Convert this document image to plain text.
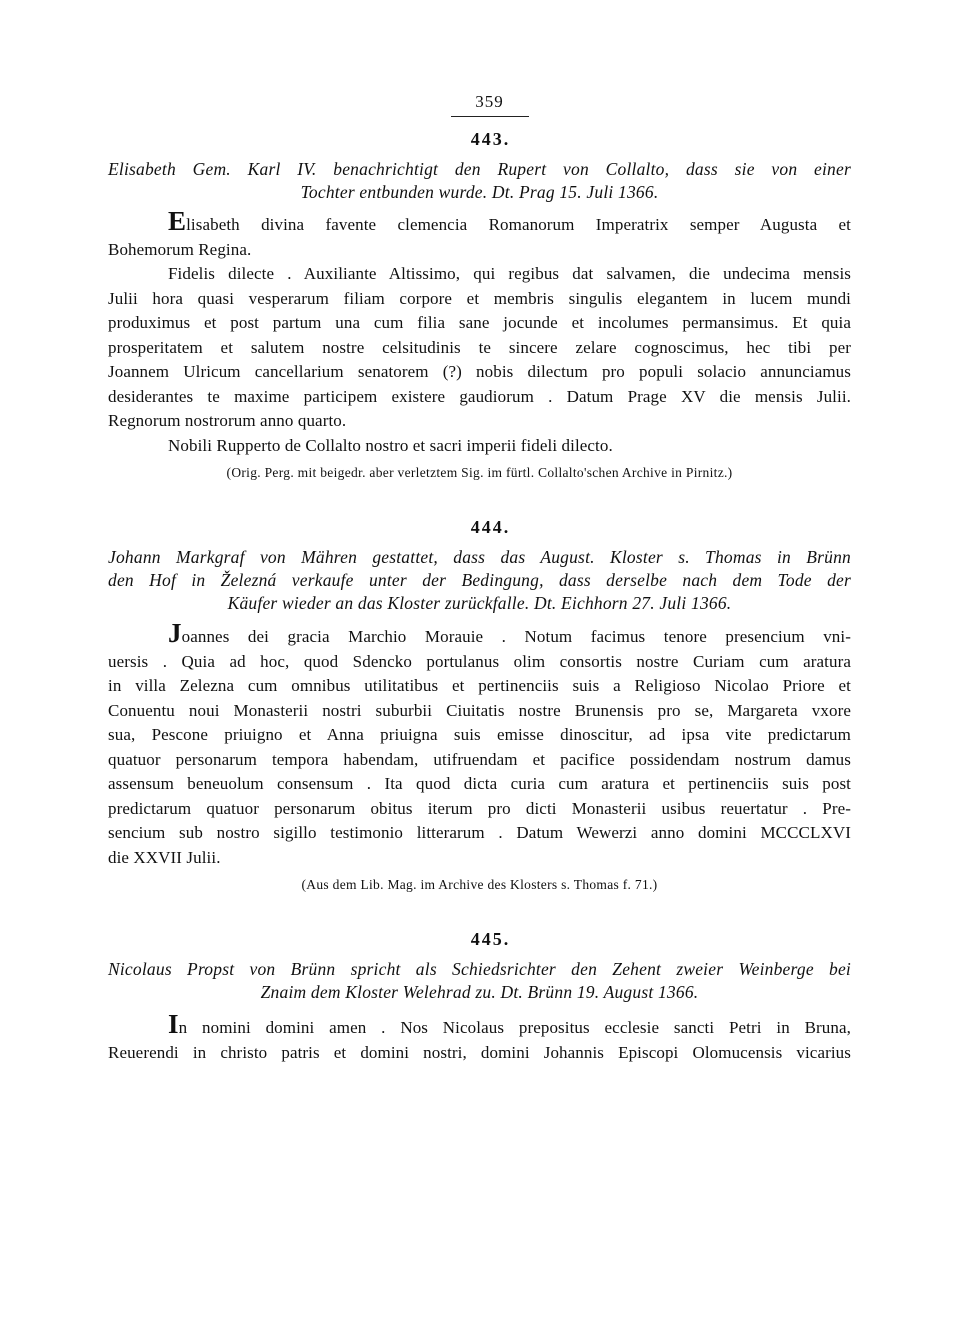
359
443.
Elisabeth Gem. Karl IV. benachrichtigt den Rupert von Collalto, dass sie von einer
Tochter entbunden wurde. Dt. Prag 15. Juli 1366.
Elisabeth divina favente clemencia Romanorum Imperatrix semper Augusta et
Bohemorum Regina.
Fidelis dilecte . Auxiliante Altissimo, qui regibus dat salvamen, die undecima mensis
Julii hora quasi vesperarum filiam corpore et membris singulis elegantem in lucem mundi
produximus et post partum una cum filia sane jocunde et incolumes permansimus. Et quia
prosperitatem et salutem nostre celsitudinis te sincere zelare cognoscimus, hec tibi per
Joannem Ulricum cancellarium senatorem (?) nobis dilectum pro populi solacio annunciamus
desiderantes te maxime participem existere gaudiorum . Datum Prage XV die mensis Julii.
Regnorum nostrorum anno quarto.
Nobili Rupperto de Collalto nostro et sacri imperii fideli dilecto.
(Orig. Perg. mit beigedr. aber verletztem Sig. im fürtl. Collalto'schen Archive in Pirnitz.)
444.
Johann Markgraf von Mähren gestattet, dass das August. Kloster s. Thomas in Brünn
den Hof in Železná verkaufe unter der Bedingung, dass derselbe nach dem Tode der
Käufer wieder an das Kloster zurückfalle. Dt. Eichhorn 27. Juli 1366.
Joannes dei gracia Marchio Morauie . Notum facimus tenore presencium vni-
uersis . Quia ad hoc, quod Sdencko portulanus olim consortis nostre Curiam cum aratura
in villa Zelezna cum omnibus utilitatibus et pertinenciis suis a Religioso Nicolao Priore et
Conuentu noui Monasterii nostri suburbii Ciuitatis nostre Brunensis pro se, Margareta vxore
sua, Pescone priuigno et Anna priuigna suis emisse dinoscitur, ad ipsa vite predictarum
quatuor personarum tempora habendam, utifruendam et pacifice possidendam nostrum damus
assensum beneuolum consensum . Ita quod dicta curia cum aratura et pertinenciis suis post
predictarum quatuor personarum obitus iterum pro dicti Monasterii usibus reuertatur . Pre-
sencium sub nostro sigillo testimonio litterarum . Datum Wewerzi anno domini MCCCLXVI
die XXVII Julii.
(Aus dem Lib. Mag. im Archive des Klosters s. Thomas f. 71.)
445.
Nicolaus Propst von Brünn spricht als Schiedsrichter den Zehent zweier Weinberge bei
Znaim dem Kloster Welehrad zu. Dt. Brünn 19. August 1366.
In nomini domini amen . Nos Nicolaus prepositus ecclesie sancti Petri in Bruna,
Reuerendi in christo patris et domini nostri, domini Johannis Episcopi Olomucensis vicarius
